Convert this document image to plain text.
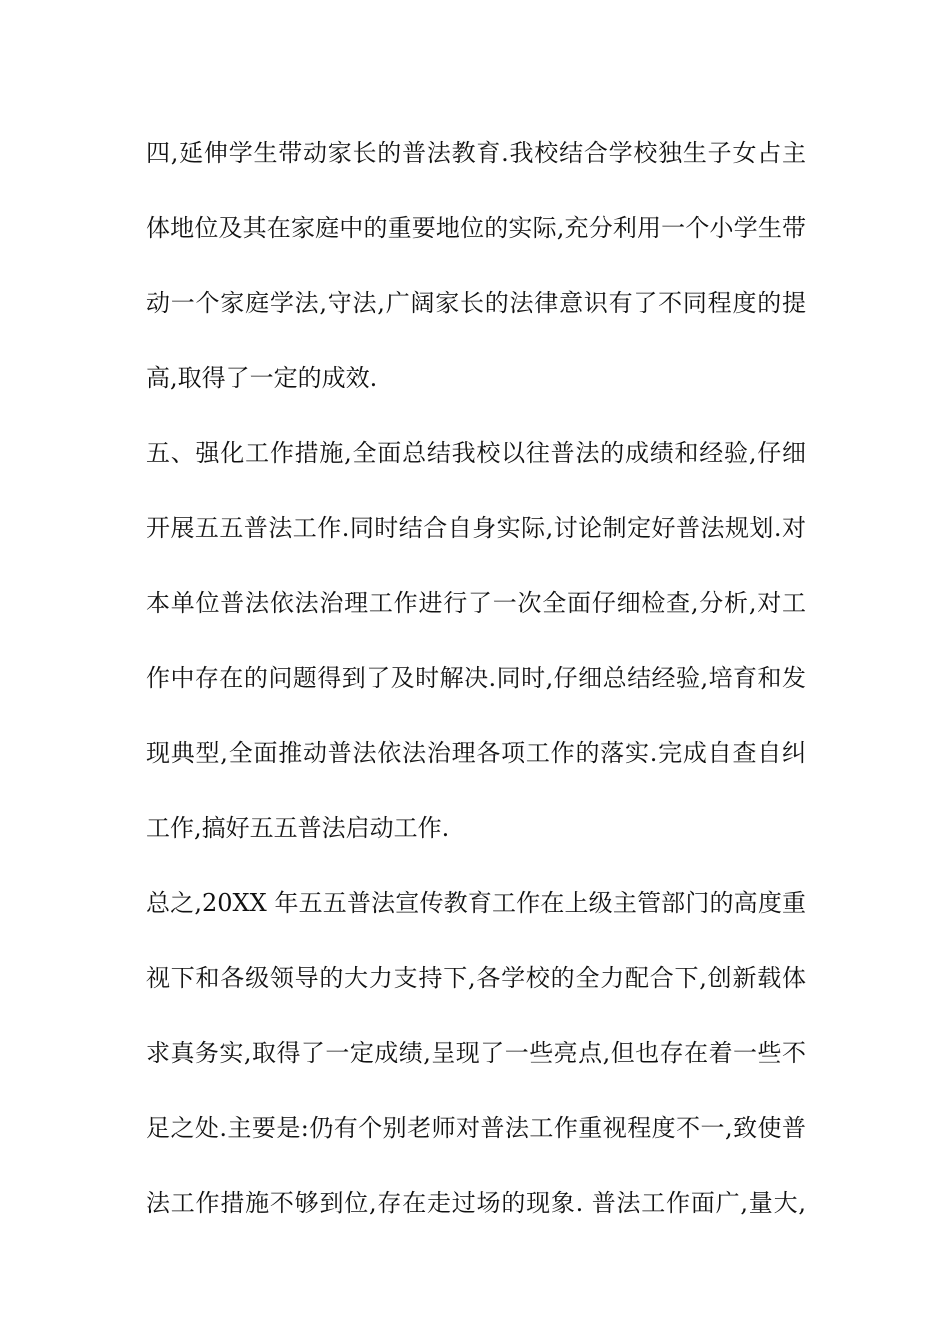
四,延伸学生带动家长的普法教育.我校结合学校独生子女占主
体地位及其在家庭中的重要地位的实际,充分利用一个小学生带
动一个家庭学法,守法,广阔家长的法律意识有了不同程度的提
高,取得了一定的成效.
五、强化工作措施,全面总结我校以往普法的成绩和经验,仔细
开展五五普法工作.同时结合自身实际,讨论制定好普法规划.对
本单位普法依法治理工作进行了一次全面仔细检查,分析,对工
作中存在的问题得到了及时解决.同时,仔细总结经验,培育和发
现典型,全面推动普法依法治理各项工作的落实.完成自查自纠
工作,搞好五五普法启动工作.
总之,20XX 年五五普法宣传教育工作在上级主管部门的高度重
视下和各级领导的大力支持下,各学校的全力配合下,创新载体
求真务实,取得了一定成绩,呈现了一些亮点,但也存在着一些不
足之处.主要是:仍有个别老师对普法工作重视程度不一,致使普
法工作措施不够到位,存在走过场的现象. 普法工作面广,量大,
